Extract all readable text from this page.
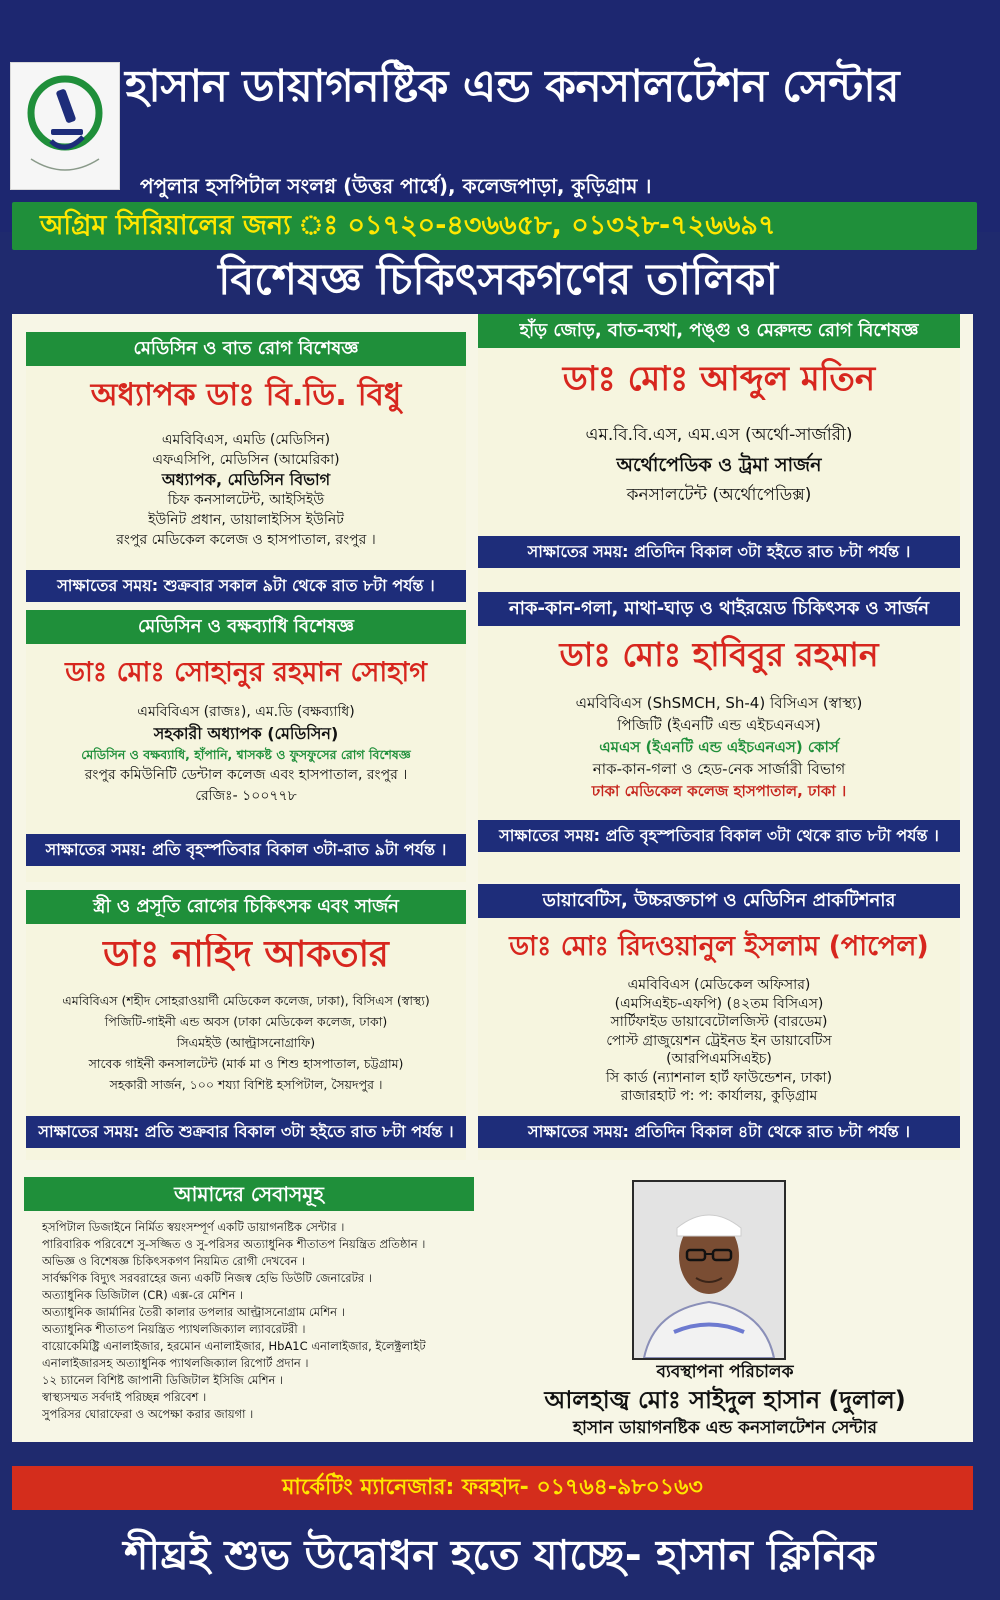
হাসান ডায়াগনষ্টিক এন্ড কনসালটেশন সেন্টার
পপুলার হসপিটাল সংলগ্ন (উত্তর পার্শ্বে), কলেজপাড়া, কুড়িগ্রাম ।
অগ্রিম সিরিয়ালের জন্য ঃ ০১৭২০-৪৩৬৬৫৮, ০১৩২৮-৭২৬৬৯৭
বিশেষজ্ঞ চিকিৎসকগণের তালিকা
মেডিসিন ও বাত রোগ বিশেষজ্ঞ
অধ্যাপক ডাঃ বি.ডি. বিধু
এমবিবিএস, এমডি (মেডিসিন)
এফএসিপি, মেডিসিন (আমেরিকা)
অধ্যাপক, মেডিসিন বিভাগ
চিফ কনসালটেন্ট, আইসিইউ
ইউনিট প্রধান, ডায়ালাইসিস ইউনিট
রংপুর মেডিকেল কলেজ ও হাসপাতাল, রংপুর ।
সাক্ষাতের সময়: শুক্রবার সকাল ৯টা থেকে রাত ৮টা পর্যন্ত ।
হাঁড় জোড়, বাত-ব্যথা, পঙ্গু ও মেরুদন্ড রোগ বিশেষজ্ঞ
ডাঃ মোঃ আব্দুল মতিন
এম.বি.বি.এস, এম.এস (অর্থো-সার্জারী)
অর্থোপেডিক ও ট্রমা সার্জন
কনসালটেন্ট (অর্থোপেডিক্স)
সাক্ষাতের সময়: প্রতিদিন বিকাল ৩টা হইতে রাত ৮টা পর্যন্ত ।
মেডিসিন ও বক্ষব্যাধি বিশেষজ্ঞ
ডাঃ মোঃ সোহানুর রহমান সোহাগ
এমবিবিএস (রাজঃ), এম.ডি (বক্ষব্যাধি)
সহকারী অধ্যাপক (মেডিসিন)
মেডিসিন ও বক্ষব্যাধি, হাঁপানি, শ্বাসকষ্ট ও ফুসফুসের রোগ বিশেষজ্ঞ
রংপুর কমিউনিটি ডেন্টাল কলেজ এবং হাসপাতাল, রংপুর ।
রেজিঃ- ১০০৭৭৮
সাক্ষাতের সময়: প্রতি বৃহস্পতিবার বিকাল ৩টা-রাত ৯টা পর্যন্ত ।
নাক-কান-গলা, মাথা-ঘাড় ও থাইরয়েড চিকিৎসক ও সার্জন
ডাঃ মোঃ হাবিবুর রহমান
এমবিবিএস (ShSMCH, Sh-4) বিসিএস (স্বাস্থ্য)
পিজিটি (ইএনটি এন্ড এইচএনএস)
এমএস (ইএনটি এন্ড এইচএনএস) কোর্স
নাক-কান-গলা ও হেড-নেক সার্জারী বিভাগ
ঢাকা মেডিকেল কলেজ হাসপাতাল, ঢাকা ।
সাক্ষাতের সময়: প্রতি বৃহস্পতিবার বিকাল ৩টা থেকে রাত ৮টা পর্যন্ত ।
স্ত্রী ও প্রসূতি রোগের চিকিৎসক এবং সার্জন
ডাঃ নাহিদ আকতার
এমবিবিএস (শহীদ সোহরাওয়ার্দী মেডিকেল কলেজ, ঢাকা), বিসিএস (স্বাস্থ্য)
পিজিটি-গাইনী এন্ড অবস (ঢাকা মেডিকেল কলেজ, ঢাকা)
সিএমইউ (আল্ট্রাসনোগ্রাফি)
সাবেক গাইনী কনসালটেন্ট (মার্ক মা ও শিশু হাসপাতাল, চট্টগ্রাম)
সহকারী সার্জন, ১০০ শয্যা বিশিষ্ট হসপিটাল, সৈয়দপুর ।
সাক্ষাতের সময়: প্রতি শুক্রবার বিকাল ৩টা হইতে রাত ৮টা পর্যন্ত ।
ডায়াবেটিস, উচ্চরক্তচাপ ও মেডিসিন প্রাকটিশনার
ডাঃ মোঃ রিদওয়ানুল ইসলাম (পাপেল)
এমবিবিএস (মেডিকেল অফিসার)
(এমসিএইচ-এফপি) (৪২তম বিসিএস)
সার্টিফাইড ডায়াবেটোলজিস্ট (বারডেম)
পোস্ট গ্রাজুয়েশন ট্রেইনড ইন ডায়াবেটিস
(আরপিএমসিএইচ)
সি কার্ড (ন্যাশনাল হার্ট ফাউন্ডেশন, ঢাকা)
রাজারহাট প: প: কার্যালয়, কুড়িগ্রাম
সাক্ষাতের সময়: প্রতিদিন বিকাল ৪টা থেকে রাত ৮টা পর্যন্ত ।
আমাদের সেবাসমূহ
হসপিটাল ডিজাইনে নির্মিত স্বয়ংসম্পূর্ণ একটি ডায়াগনষ্টিক সেন্টার ।
পারিবারিক পরিবেশে সু-সজ্জিত ও সু-পরিসর অত্যাধুনিক শীতাতপ নিয়ন্ত্রিত প্রতিষ্ঠান ।
অভিজ্ঞ ও বিশেষজ্ঞ চিকিৎসকগণ নিয়মিত রোগী দেখবেন ।
সার্বক্ষণিক বিদ্যুৎ সরবরাহের জন্য একটি নিজস্ব হেভি ডিউটি জেনারেটর ।
● অত্যাধুনিক ডিজিটাল (CR) এক্স-রে মেশিন ।
● অত্যাধুনিক জার্মানির তৈরী কালার ডপলার আল্ট্রাসনোগ্রাম মেশিন ।
● অত্যাধুনিক শীতাতপ নিয়ন্ত্রিত প্যাথলজিক্যাল ল্যাবরেটরী ।
● বায়োকেমিষ্ট্রি এনালাইজার, হরমোন এনালাইজার, HbA1C এনালাইজার, ইলেক্ট্রলাইট
● এনালাইজারসহ অত্যাধুনিক প্যাথলজিক্যাল রিপোর্ট প্রদান ।
● ১২ চ্যানেল বিশিষ্ট জাপানী ডিজিটাল ইসিজি মেশিন ।
● স্বাস্থ্যসম্মত সর্বদাই পরিচ্ছন্ন পরিবেশ ।
● সুপরিসর ঘোরাফেরা ও অপেক্ষা করার জায়গা ।
ব্যবস্থাপনা পরিচালক
আলহাজ্ব মোঃ সাইদুল হাসান (দুলাল)
হাসান ডায়াগনষ্টিক এন্ড কনসালটেশন সেন্টার
মার্কেটিং ম্যানেজার: ফরহাদ- ০১৭৬৪-৯৮০১৬৩
শীঘ্রই শুভ উদ্বোধন হতে যাচ্ছে- হাসান ক্লিনিক
